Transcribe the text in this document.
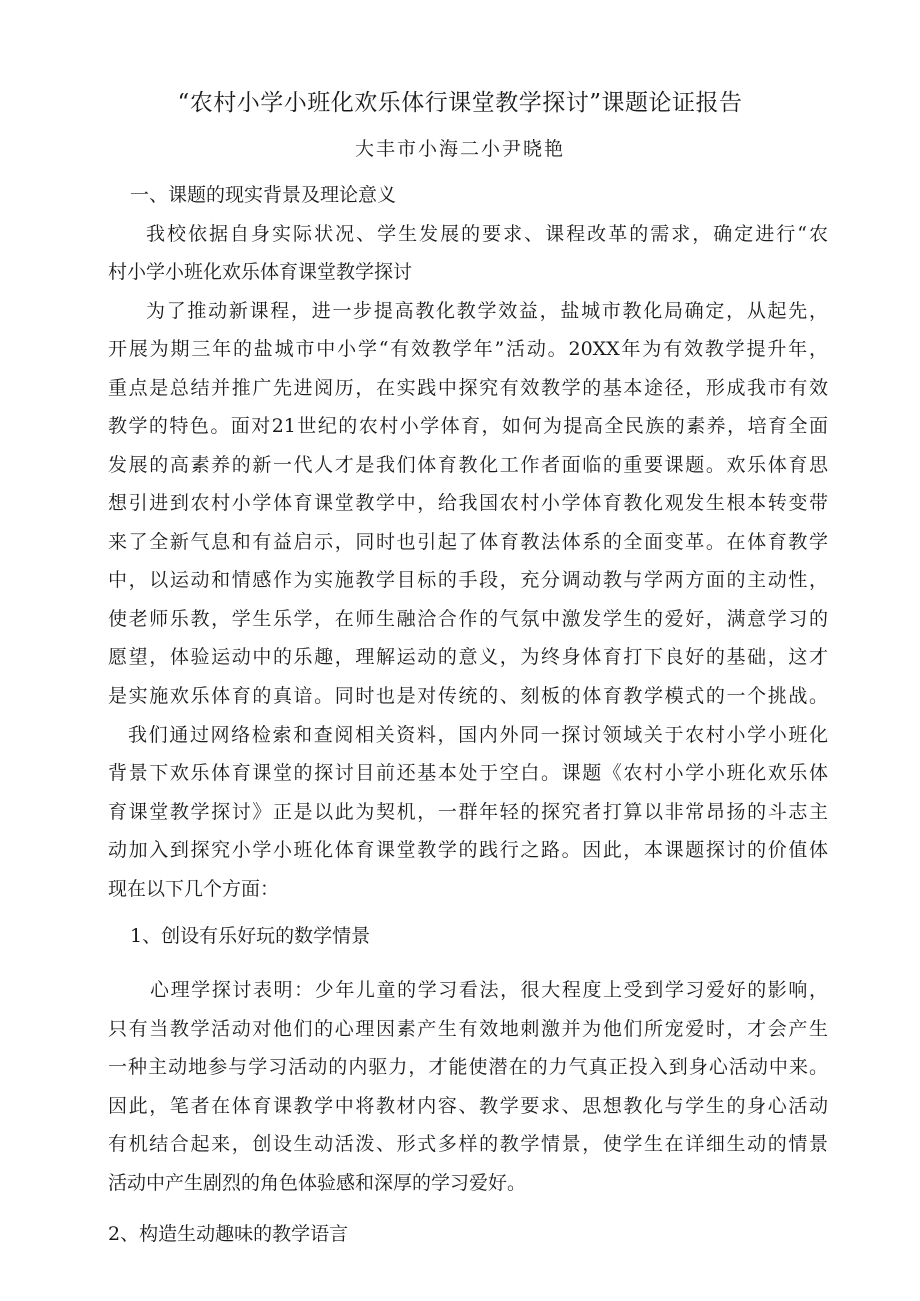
“农村小学小班化欢乐体行课堂教学探讨”课题论证报告
大丰市小海二小尹晓艳
一、课题的现实背景及理论意义
我校依据自身实际状况、学生发展的要求、课程改革的需求，确定进行“农
村小学小班化欢乐体育课堂教学探讨
为了推动新课程，进一步提高教化教学效益，盐城市教化局确定，从起先，
开展为期三年的盐城市中小学“有效教学年”活动。20XX年为有效教学提升年，
重点是总结并推广先进阅历，在实践中探究有效教学的基本途径，形成我市有效
教学的特色。面对21世纪的农村小学体育，如何为提高全民族的素养，培育全面
发展的高素养的新一代人才是我们体育教化工作者面临的重要课题。欢乐体育思
想引进到农村小学体育课堂教学中，给我国农村小学体育教化观发生根本转变带
来了全新气息和有益启示，同时也引起了体育教法体系的全面变革。在体育教学
中，以运动和情感作为实施教学目标的手段，充分调动教与学两方面的主动性，
使老师乐教，学生乐学，在师生融洽合作的气氛中激发学生的爱好，满意学习的
愿望，体验运动中的乐趣，理解运动的意义，为终身体育打下良好的基础，这才
是实施欢乐体育的真谙。同时也是对传统的、刻板的体育教学模式的一个挑战。
我们通过网络检索和查阅相关资料，国内外同一探讨领域关于农村小学小班化
背景下欢乐体育课堂的探讨目前还基本处于空白。课题《农村小学小班化欢乐体
育课堂教学探讨》正是以此为契机，一群年轻的探究者打算以非常昂扬的斗志主
动加入到探究小学小班化体育课堂教学的践行之路。因此，本课题探讨的价值体
现在以下几个方面：
1、创设有乐好玩的数学情景
心理学探讨表明：少年儿童的学习看法，很大程度上受到学习爱好的影响，
只有当教学活动对他们的心理因素产生有效地刺激并为他们所宠爱时，才会产生
一种主动地参与学习活动的内驱力，才能使潜在的力气真正投入到身心活动中来。
因此，笔者在体育课教学中将教材内容、教学要求、思想教化与学生的身心活动
有机结合起来，创设生动活泼、形式多样的教学情景，使学生在详细生动的情景
活动中产生剧烈的角色体验感和深厚的学习爱好。
2、构造生动趣味的教学语言
